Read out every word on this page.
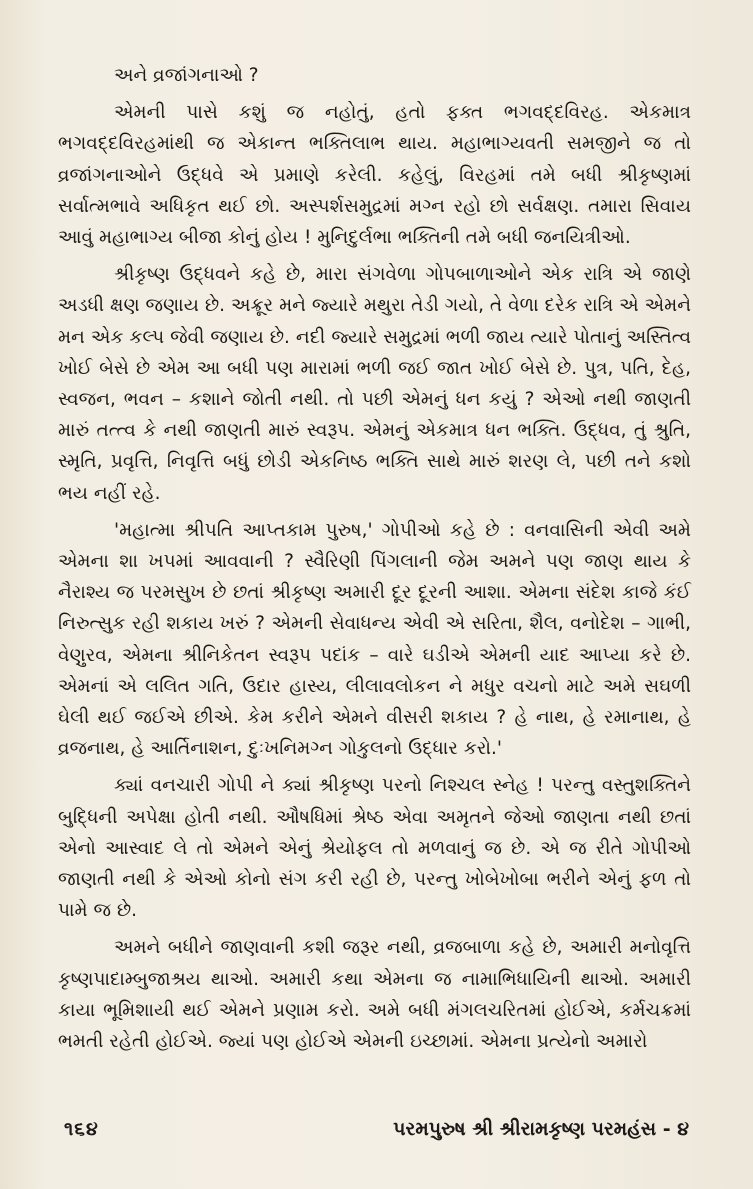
અને વ્રજાંગનાઓ ?

એમની પાસે કશું જ નહોતું, હતો ફક્ત ભગવદ્દવિરહ. એકમાત્ર ભગવદ્દવિરહમાંથી જ એકાન્ત ભક્તિલાભ થાય. મહાભાગ્યવતી સમજીને જ તો વ્રજાંગનાઓને ઉદ્ધવે એ પ્રમાણે કરેલી. કહેલું, વિરહમાં તમે બધી શ્રીકૃષ્ણમાં સર્વાત્મભાવે અધિકૃત થઈ છો. અસ્પર્શસમુદ્રમાં મગ્ન રહો છો સર્વક્ષણ. તમારા સિવાય આવું મહાભાગ્ય બીજા કોનું હોય ! મુનિદુર્લભા ભક્તિની તમે બધી જનયિત્રીઓ.

શ્રીકૃષ્ણ ઉદ્ધવને કહે છે, મારા સંગવેળા ગોપબાળાઓને એક રાત્રિ એ જાણે અડધી ક્ષણ જણાય છે. અક્રૂર મને જ્યારે મથુરા તેડી ગયો, તે વેળા દરેક રાત્રિ એ એમને મન એક કલ્પ જેવી જણાય છે. નદી જ્યારે સમુદ્રમાં ભળી જાય ત્યારે પોતાનું અસ્તિત્વ ખોઈ બેસે છે એમ આ બધી પણ મારામાં ભળી જઈ જાત ખોઈ બેસે છે. પુત્ર, પતિ, દેહ, સ્વજન, ભવન – કશાને જોતી નથી. તો પછી એમનું ધન કયું ? એઓ નથી જાણતી મારું તત્ત્વ કે નથી જાણતી મારું સ્વરૂપ. એમનું એકમાત્ર ધન ભક્તિ. ઉદ્ધવ, તું શ્રુતિ, સ્મૃતિ, પ્રવૃત્તિ, નિવૃત્તિ બધું છોડી એકનિષ્ઠ ભક્તિ સાથે મારું શરણ લે, પછી તને કશો ભય નહીં રહે.

'મહાત્મા શ્રીપતિ આપ્તકામ પુરુષ,' ગોપીઓ કહે છે : વનવાસિની એવી અમે એમના શા ખપમાં આવવાની ? સ્વૈરિણી પિંગલાની જેમ અમને પણ જાણ થાય કે નૈરાશ્ય જ પરમસુખ છે છતાં શ્રીકૃષ્ણ અમારી દૂર દૂરની આશા. એમના સંદેશ કાજે કંઈ નિરુત્સુક રહી શકાય ખરું ? એમની સેવાધન્ય એવી એ સરિતા, શૈલ, વનોદેશ – ગાભી, વેણુરવ, એમના શ્રીનિકેતન સ્વરૂપ પદાંક – વારે ઘડીએ એમની યાદ આપ્યા કરે છે. એમનાં એ લલિત ગતિ, ઉદાર હાસ્ય, લીલાવલોકન ને મધુર વચનો માટે અમે સઘળી ઘેલી થઈ જઈએ છીએ. કેમ કરીને એમને વીસરી શકાય ? હે નાથ, હે રમાનાથ, હે વ્રજનાથ, હે આર્તિનાશન, દુઃખનિમગ્ન ગોકુલનો ઉદ્ધાર કરો.'

ક્યાં વનચારી ગોપી ને ક્યાં શ્રીકૃષ્ણ પરનો નિશ્ચલ સ્નેહ ! પરન્તુ વસ્તુશક્તિને બુદ્ધિની અપેક્ષા હોતી નથી. ઔષધિમાં શ્રેષ્ઠ એવા અમૃતને જેઓ જાણતા નથી છતાં એનો આસ્વાદ લે તો એમને એનું શ્રેયોફલ તો મળવાનું જ છે. એ જ રીતે ગોપીઓ જાણતી નથી કે એઓ કોનો સંગ કરી રહી છે, પરન્તુ ખોબેખોબા ભરીને એનું ફળ તો પામે જ છે.

અમને બધીને જાણવાની કશી જરૂર નથી, વ્રજબાળા કહે છે, અમારી મનોવૃત્તિ કૃષ્ણપાદામ્બુજાશ્રય થાઓ. અમારી કથા એમના જ નામાભિધાયિની થાઓ. અમારી કાયા ભૂમિશાયી થઈ એમને પ્રણામ કરો. અમે બધી મંગલચરિતમાં હોઈએ, કર્મચક્રમાં ભમતી રહેતી હોઈએ. જ્યાં પણ હોઈએ એમની ઇચ્છામાં. એમના પ્રત્યેનો અમારો

૧૬૪	પરમપુરુષ શ્રી શ્રીરામકૃષ્ણ પરમહંસ - ૪
